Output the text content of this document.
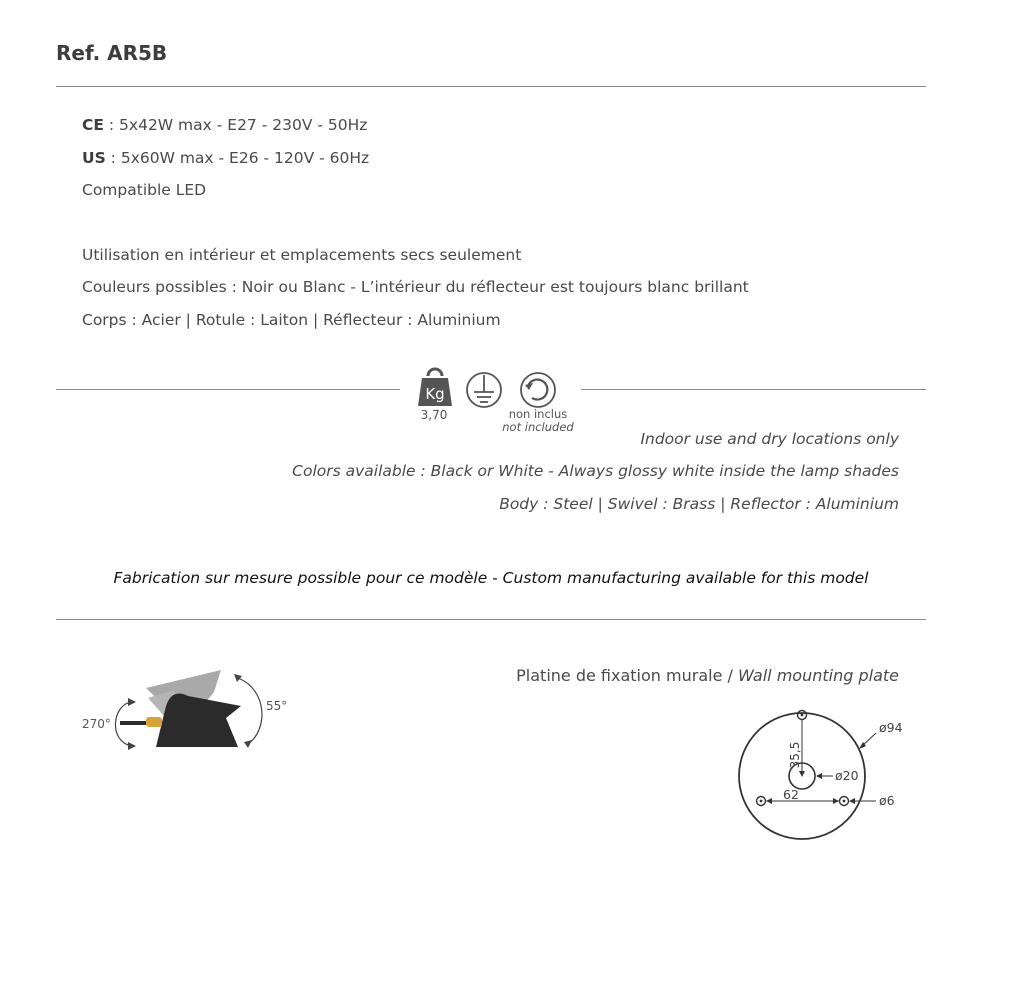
Ref. AR5B
CE : 5x42W max - E27 - 230V - 50Hz
US : 5x60W max - E26 - 120V - 60Hz
Compatible LED
Utilisation en intérieur et emplacements secs seulement
Couleurs possibles : Noir ou Blanc - L’intérieur du réflecteur est toujours blanc brillant
Corps : Acier | Rotule : Laiton | Réflecteur : Aluminium
Kg
3,70	non inclus
not included
Indoor use and dry locations only
Colors available : Black or White - Always glossy white inside the lamp shades
Body : Steel | Swivel : Brass | Reflector : Aluminium
Fabrication sur mesure possible pour ce modèle - Custom manufacturing available for this model
270°
55°
Platine de fixation murale / Wall mounting plate
35,5
62
ø94
ø20
ø6
